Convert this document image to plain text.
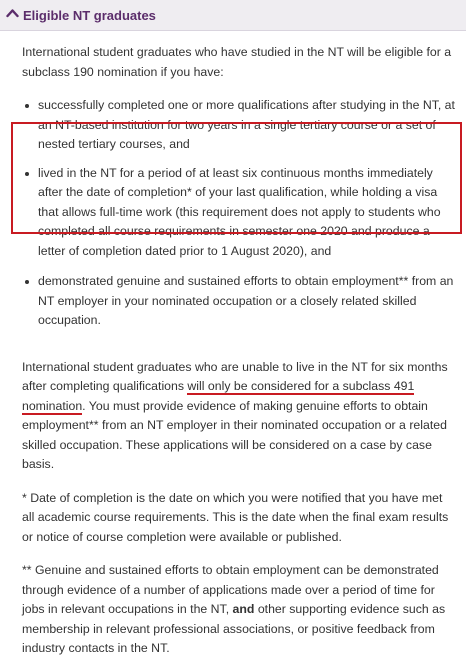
Eligible NT graduates

International student graduates who have studied in the NT will be eligible for a subclass 190 nomination if you have:

successfully completed one or more qualifications after studying in the NT, at an NT-based institution for two years in a single tertiary course or a set of nested tertiary courses, and
lived in the NT for a period of at least six continuous months immediately after the date of completion* of your last qualification, while holding a visa that allows full-time work (this requirement does not apply to students who completed all course requirements in semester one 2020 and produce a letter of completion dated prior to 1 August 2020), and
demonstrated genuine and sustained efforts to obtain employment** from an NT employer in your nominated occupation or a closely related skilled occupation.

International student graduates who are unable to live in the NT for six months after completing qualifications will only be considered for a subclass 491 nomination. You must provide evidence of making genuine efforts to obtain employment** from an NT employer in their nominated occupation or a related skilled occupation. These applications will be considered on a case by case basis.

* Date of completion is the date on which you were notified that you have met all academic course requirements. This is the date when the final exam results or notice of course completion were available or published.

** Genuine and sustained efforts to obtain employment can be demonstrated through evidence of a number of applications made over a period of time for jobs in relevant occupations in the NT, and other supporting evidence such as membership in relevant professional associations, or positive feedback from industry contacts in the NT.
